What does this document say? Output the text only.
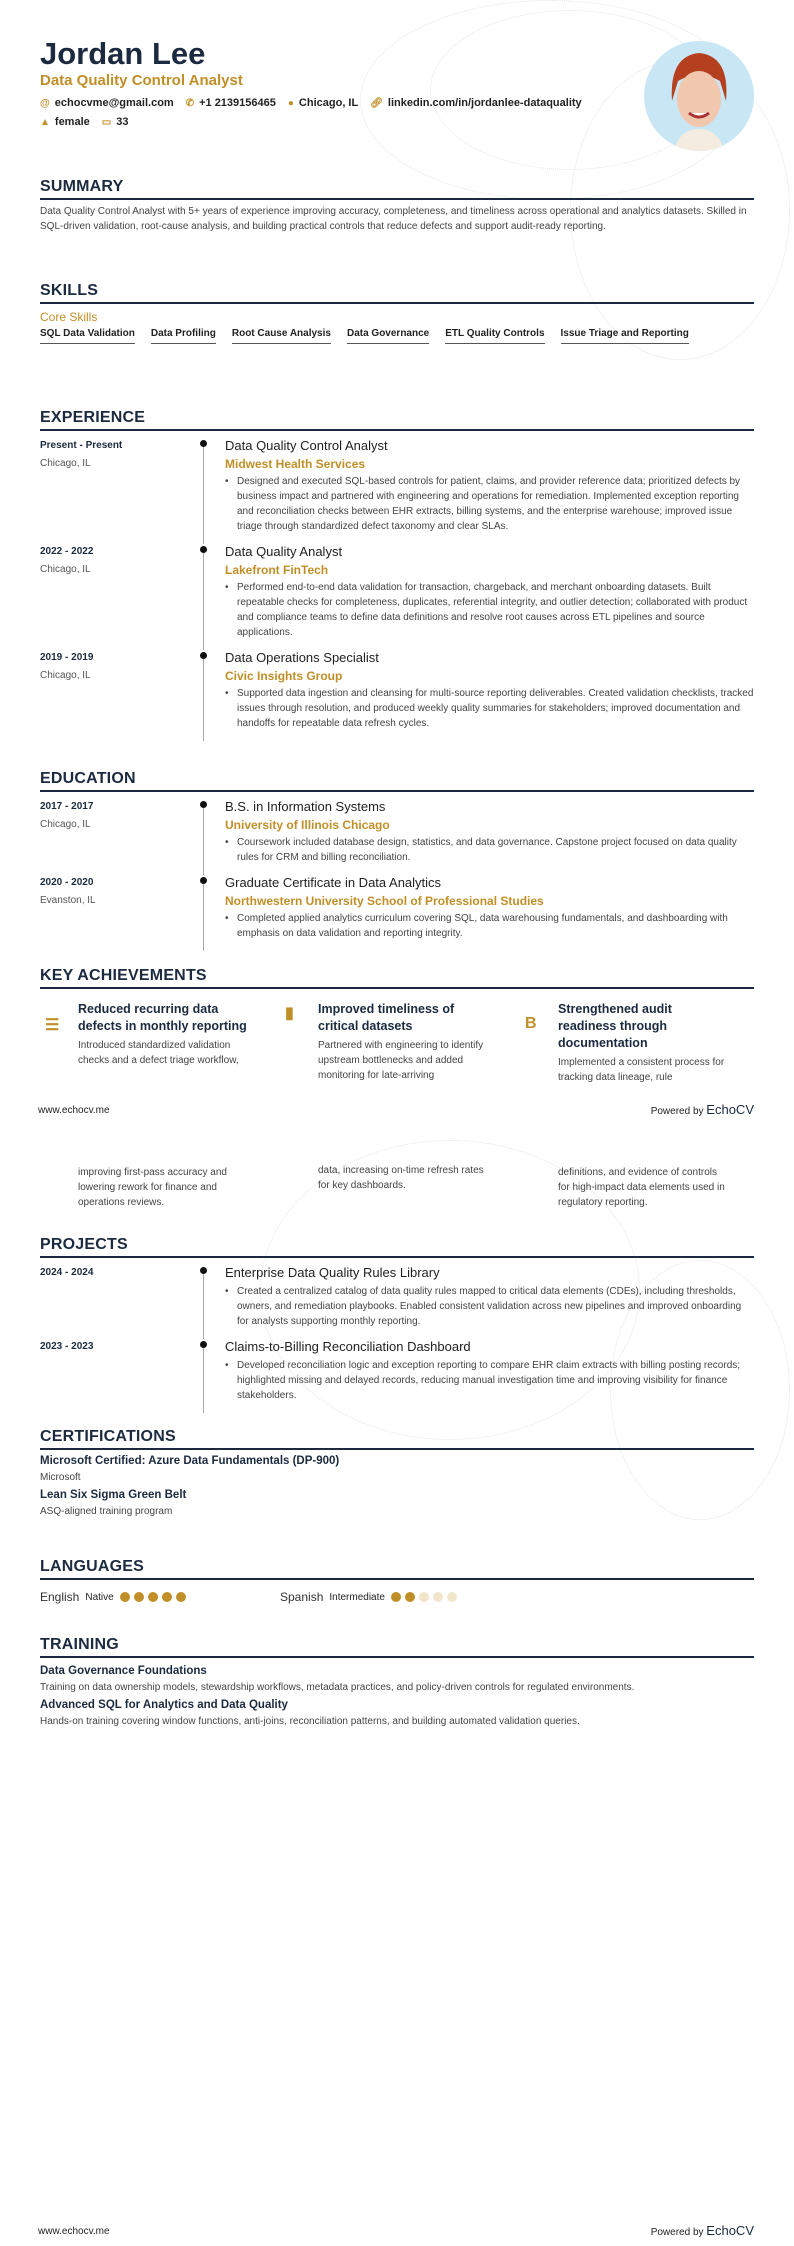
Jordan Lee
Data Quality Control Analyst
@ echocvme@gmail.com ✆ +1 2139156465 ● Chicago, IL 🔗︎ linkedin.com/in/jordanlee-dataquality
▲ female ▭ 33
SUMMARY
Data Quality Control Analyst with 5+ years of experience improving accuracy, completeness, and timeliness across operational and analytics datasets. Skilled in SQL-driven validation, root-cause analysis, and building practical controls that reduce defects and support audit-ready reporting.
SKILLS
Core Skills
SQL Data Validation Data Profiling Root Cause Analysis Data Governance ETL Quality Controls Issue Triage and Reporting
EXPERIENCE
Present - Present
Chicago, IL
Data Quality Control Analyst
Midwest Health Services
• Designed and executed SQL-based controls for patient, claims, and provider reference data; prioritized defects by business impact and partnered with engineering and operations for remediation. Implemented exception reporting and reconciliation checks between EHR extracts, billing systems, and the enterprise warehouse; improved issue triage through standardized defect taxonomy and clear SLAs.
2022 - 2022
Chicago, IL
Data Quality Analyst
Lakefront FinTech
• Performed end-to-end data validation for transaction, chargeback, and merchant onboarding datasets. Built repeatable checks for completeness, duplicates, referential integrity, and outlier detection; collaborated with product and compliance teams to define data definitions and resolve root causes across ETL pipelines and source applications.
2019 - 2019
Chicago, IL
Data Operations Specialist
Civic Insights Group
• Supported data ingestion and cleansing for multi-source reporting deliverables. Created validation checklists, tracked issues through resolution, and produced weekly quality summaries for stakeholders; improved documentation and handoffs for repeatable data refresh cycles.
EDUCATION
2017 - 2017
Chicago, IL
B.S. in Information Systems
University of Illinois Chicago
• Coursework included database design, statistics, and data governance. Capstone project focused on data quality rules for CRM and billing reconciliation.
2020 - 2020
Evanston, IL
Graduate Certificate in Data Analytics
Northwestern University School of Professional Studies
• Completed applied analytics curriculum covering SQL, data warehousing fundamentals, and dashboarding with emphasis on data validation and reporting integrity.
KEY ACHIEVEMENTS
☰
Reduced recurring data defects in monthly reporting
Introduced standardized validation checks and a defect triage workflow,
▮ Improved timeliness of critical datasets
Partnered with engineering to identify upstream bottlenecks and added monitoring for late-arriving
B
Strengthened audit readiness through documentation
Implemented a consistent process for tracking data lineage, rule
www.echocv.me	Powered by EchoCV
improving first-pass accuracy and lowering rework for finance and operations reviews.
data, increasing on-time refresh rates for key dashboards.
definitions, and evidence of controls for high-impact data elements used in regulatory reporting.
PROJECTS
2024 - 2024	Enterprise Data Quality Rules Library
• Created a centralized catalog of data quality rules mapped to critical data elements (CDEs), including thresholds, owners, and remediation playbooks. Enabled consistent validation across new pipelines and improved onboarding for analysts supporting monthly reporting.
2023 - 2023	Claims-to-Billing Reconciliation Dashboard
• Developed reconciliation logic and exception reporting to compare EHR claim extracts with billing posting records; highlighted missing and delayed records, reducing manual investigation time and improving visibility for finance stakeholders.
CERTIFICATIONS
Microsoft Certified: Azure Data Fundamentals (DP-900)
Microsoft
Lean Six Sigma Green Belt
ASQ-aligned training program
LANGUAGES
English Native	Spanish Intermediate
TRAINING
Data Governance Foundations
Training on data ownership models, stewardship workflows, metadata practices, and policy-driven controls for regulated environments.
Advanced SQL for Analytics and Data Quality
Hands-on training covering window functions, anti-joins, reconciliation patterns, and building automated validation queries.
www.echocv.me	Powered by EchoCV
